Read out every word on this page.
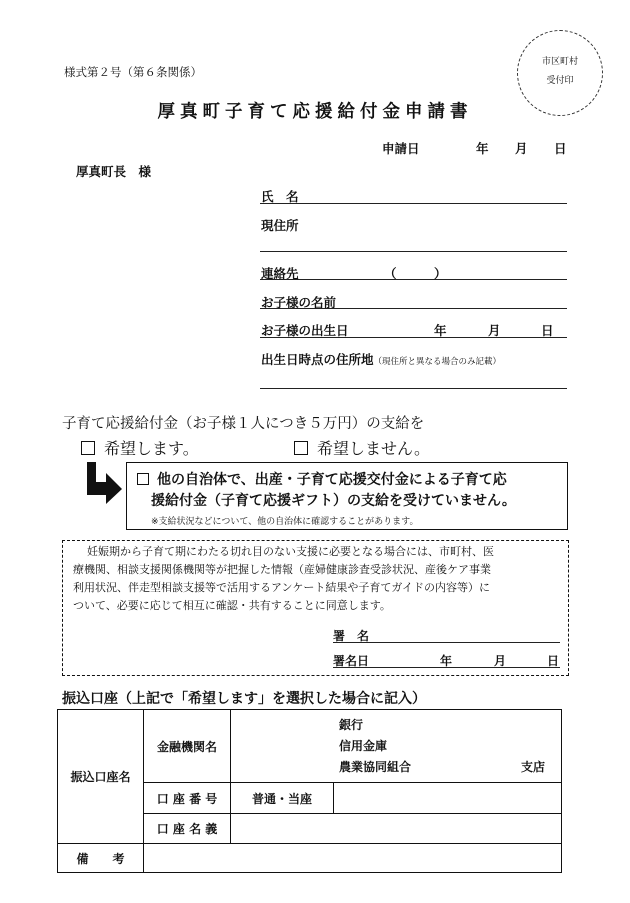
様式第２号（第６条関係）
市区町村
受付印
厚真町子育て応援給付金申請書
申請日	年 月 日
厚真町長　様
氏　名
現住所
連絡先	（　　　）
お子様の名前
お子様の出生日	年	月	日
出生日時点の住所地（現住所と異なる場合のみ記載）
子育て応援給付金（お子様１人につき５万円）の支給を
希望します。	希望しません。
他の自治体で、出産・子育て応援交付金による子育て応
援給付金（子育て応援ギフト）の支給を受けていません。
※支給状況などについて、他の自治体に確認することがあります。

妊娠期から子育て期にわたる切れ目のない支援に必要となる場合には、市町村、医

療機関、相談支援関係機関等が把握した情報（産婦健康診査受診状況、産後ケア事業

利用状況、伴走型相談支援等で活用するアンケート結果や子育てガイドの内容等）に

ついて、必要に応じて相互に確認・共有することに同意します。

署　名
署名日	年	月	日
振込口座（上記で「希望します」を選択した場合に記入）
振込口座名	金融機関名	銀行
信用金庫
農業協同組合 支店	

	口 座 番 号	普通・当座	
	口 座 名 義		
備　　考			
